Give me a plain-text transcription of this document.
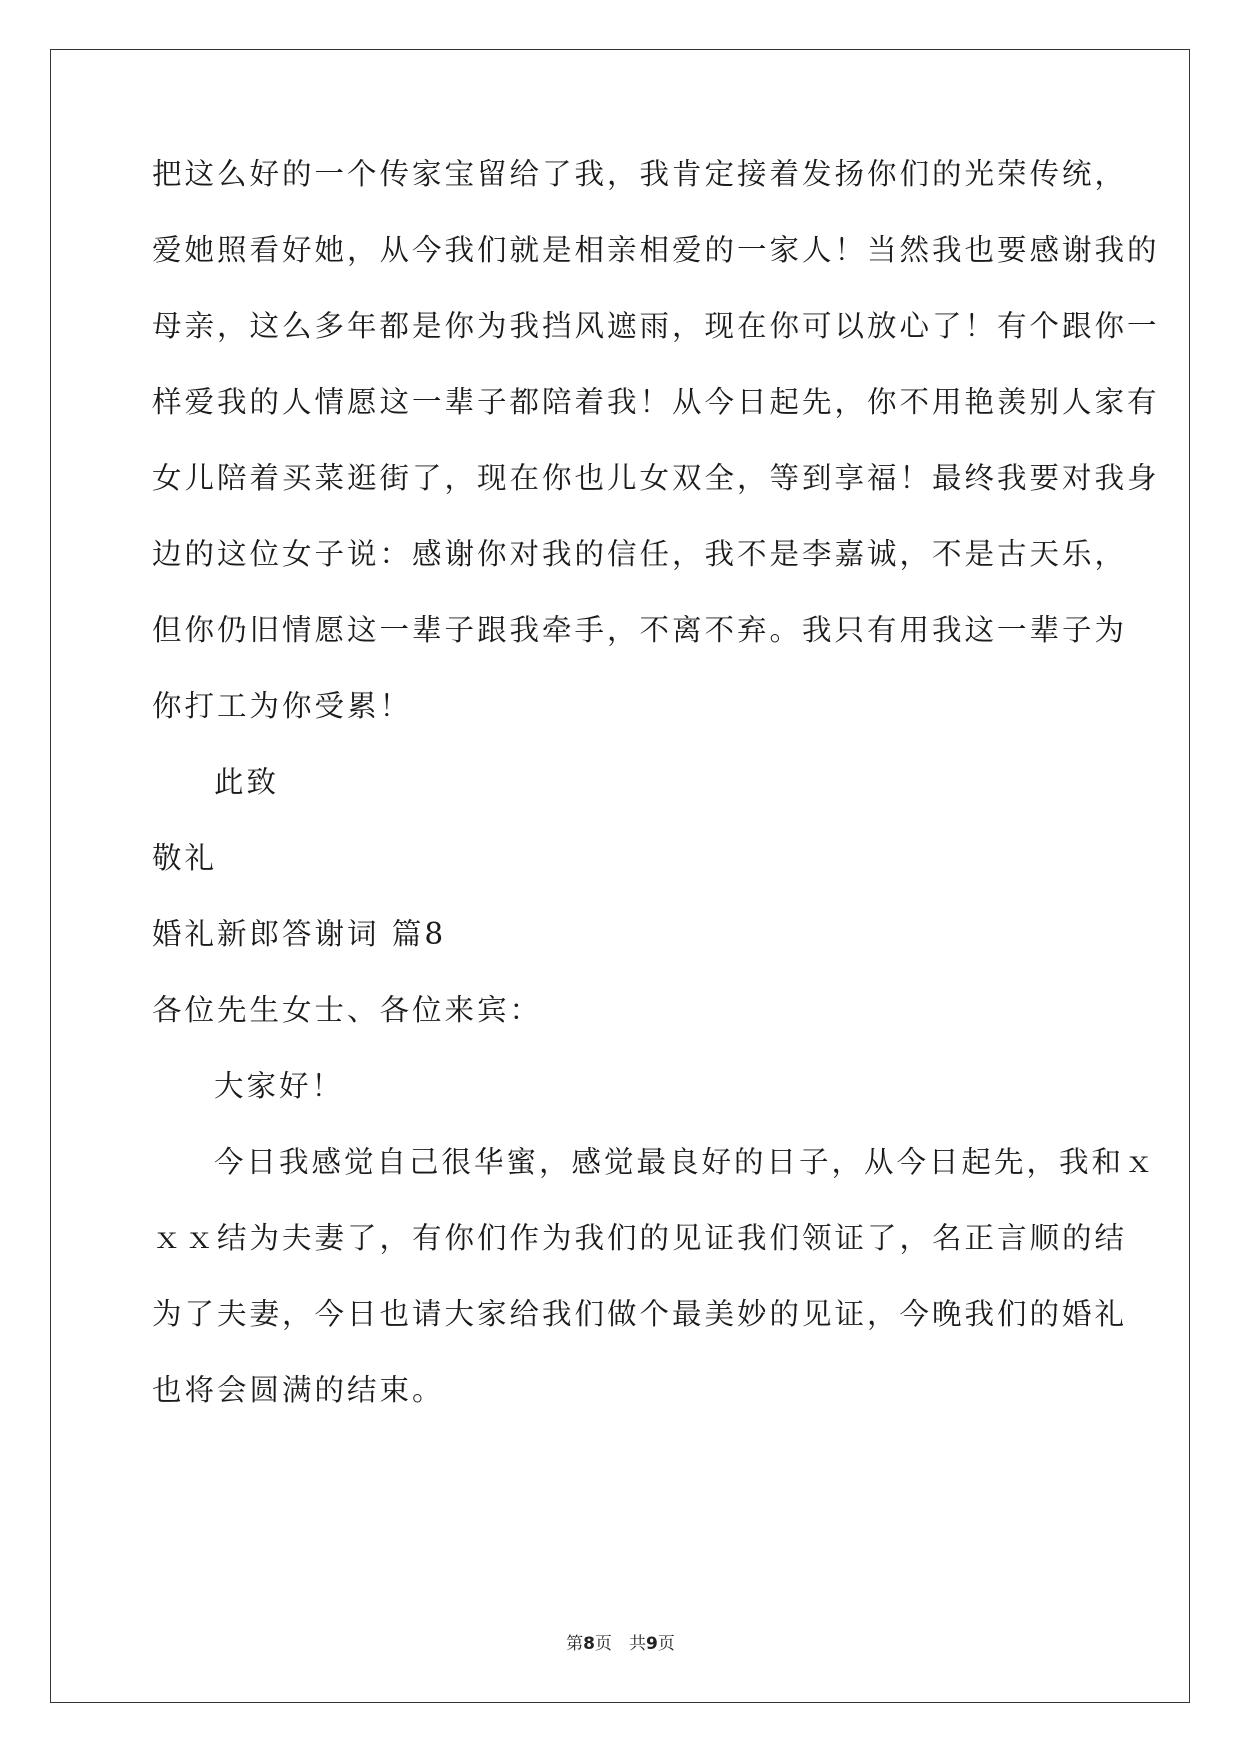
把这么好的一个传家宝留给了我，我肯定接着发扬你们的光荣传统，
爱她照看好她，从今我们就是相亲相爱的一家人！当然我也要感谢我的
母亲，这么多年都是你为我挡风遮雨，现在你可以放心了！有个跟你一
样爱我的人情愿这一辈子都陪着我！从今日起先，你不用艳羡别人家有
女儿陪着买菜逛街了，现在你也儿女双全，等到享福！最终我要对我身
边的这位女子说：感谢你对我的信任，我不是李嘉诚，不是古天乐，
但你仍旧情愿这一辈子跟我牵手，不离不弃。我只有用我这一辈子为
你打工为你受累！
此致
敬礼
婚礼新郎答谢词 篇8
各位先生女士、各位来宾：
大家好！
今日我感觉自己很华蜜，感觉最良好的日子，从今日起先，我和ｘ
ｘｘ结为夫妻了，有你们作为我们的见证我们领证了，名正言顺的结
为了夫妻，今日也请大家给我们做个最美妙的见证，今晚我们的婚礼
也将会圆满的结束。
第8页　共9页
